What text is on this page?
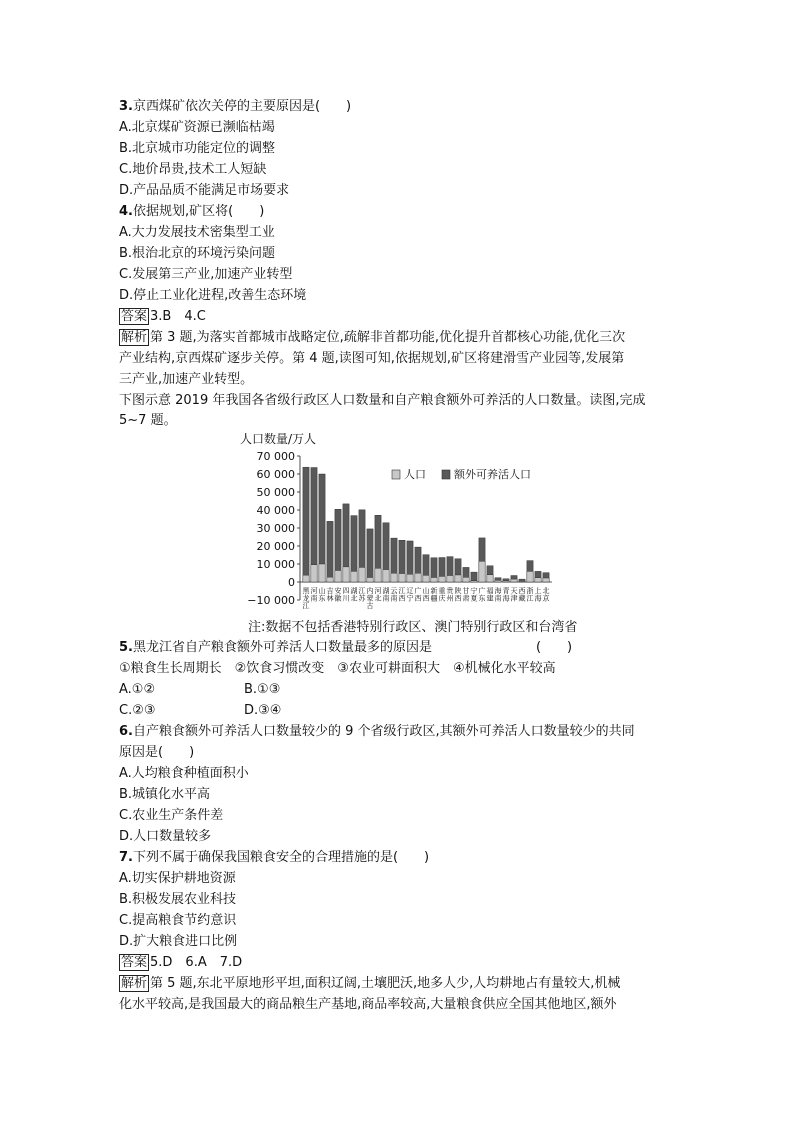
3.京西煤矿依次关停的主要原因是(　　)
A.北京煤矿资源已濒临枯竭
B.北京城市功能定位的调整
C.地价昂贵,技术工人短缺
D.产品品质不能满足市场要求
4.依据规划,矿区将(　　)
A.大力发展技术密集型工业
B.根治北京的环境污染问题
C.发展第三产业,加速产业转型
D.停止工业化进程,改善生态环境
答案 3.B　4.C
解析 第 3 题,为落实首都城市战略定位,疏解非首都功能,优化提升首都核心功能,优化三次
产业结构,京西煤矿逐步关停。第 4 题,读图可知,依据规划,矿区将建滑雪产业园等,发展第
三产业,加速产业转型。
下图示意 2019 年我国各省级行政区人口数量和自产粮食额外可养活的人口数量。读图,完成
5~7 题。
人口数量/万人
70 000
60 000
50 000
40 000
30 000
20 000
10 000
0
−10 000
黑龙江
河南
山东
吉林
安徽
四川
湖北
江苏
内蒙古
河北
湖南
云南
江西
辽宁
广西
山西
新疆
重庆
贵州
陕西
甘肃
宁夏
广东
福建
海南
青海
天津
西藏
浙江
上海
北京
人口	额外可养活人口
注:数据不包括香港特别行政区、澳门特别行政区和台湾省
5.黑龙江省自产粮食额外可养活人口数量最多的原因是　　　　　　　　(　　)
①粮食生长周期长　②饮食习惯改变　③农业可耕面积大　④机械化水平较高
A.①②	B.①③
C.②③	D.③④
6.自产粮食额外可养活人口数量较少的 9 个省级行政区,其额外可养活人口数量较少的共同
原因是(　　)
A.人均粮食种植面积小
B.城镇化水平高
C.农业生产条件差
D.人口数量较多
7.下列不属于确保我国粮食安全的合理措施的是(　　)
A.切实保护耕地资源
B.积极发展农业科技
C.提高粮食节约意识
D.扩大粮食进口比例
答案 5.D　6.A　7.D
解析 第 5 题,东北平原地形平坦,面积辽阔,土壤肥沃,地多人少,人均耕地占有量较大,机械
化水平较高,是我国最大的商品粮生产基地,商品率较高,大量粮食供应全国其他地区,额外
